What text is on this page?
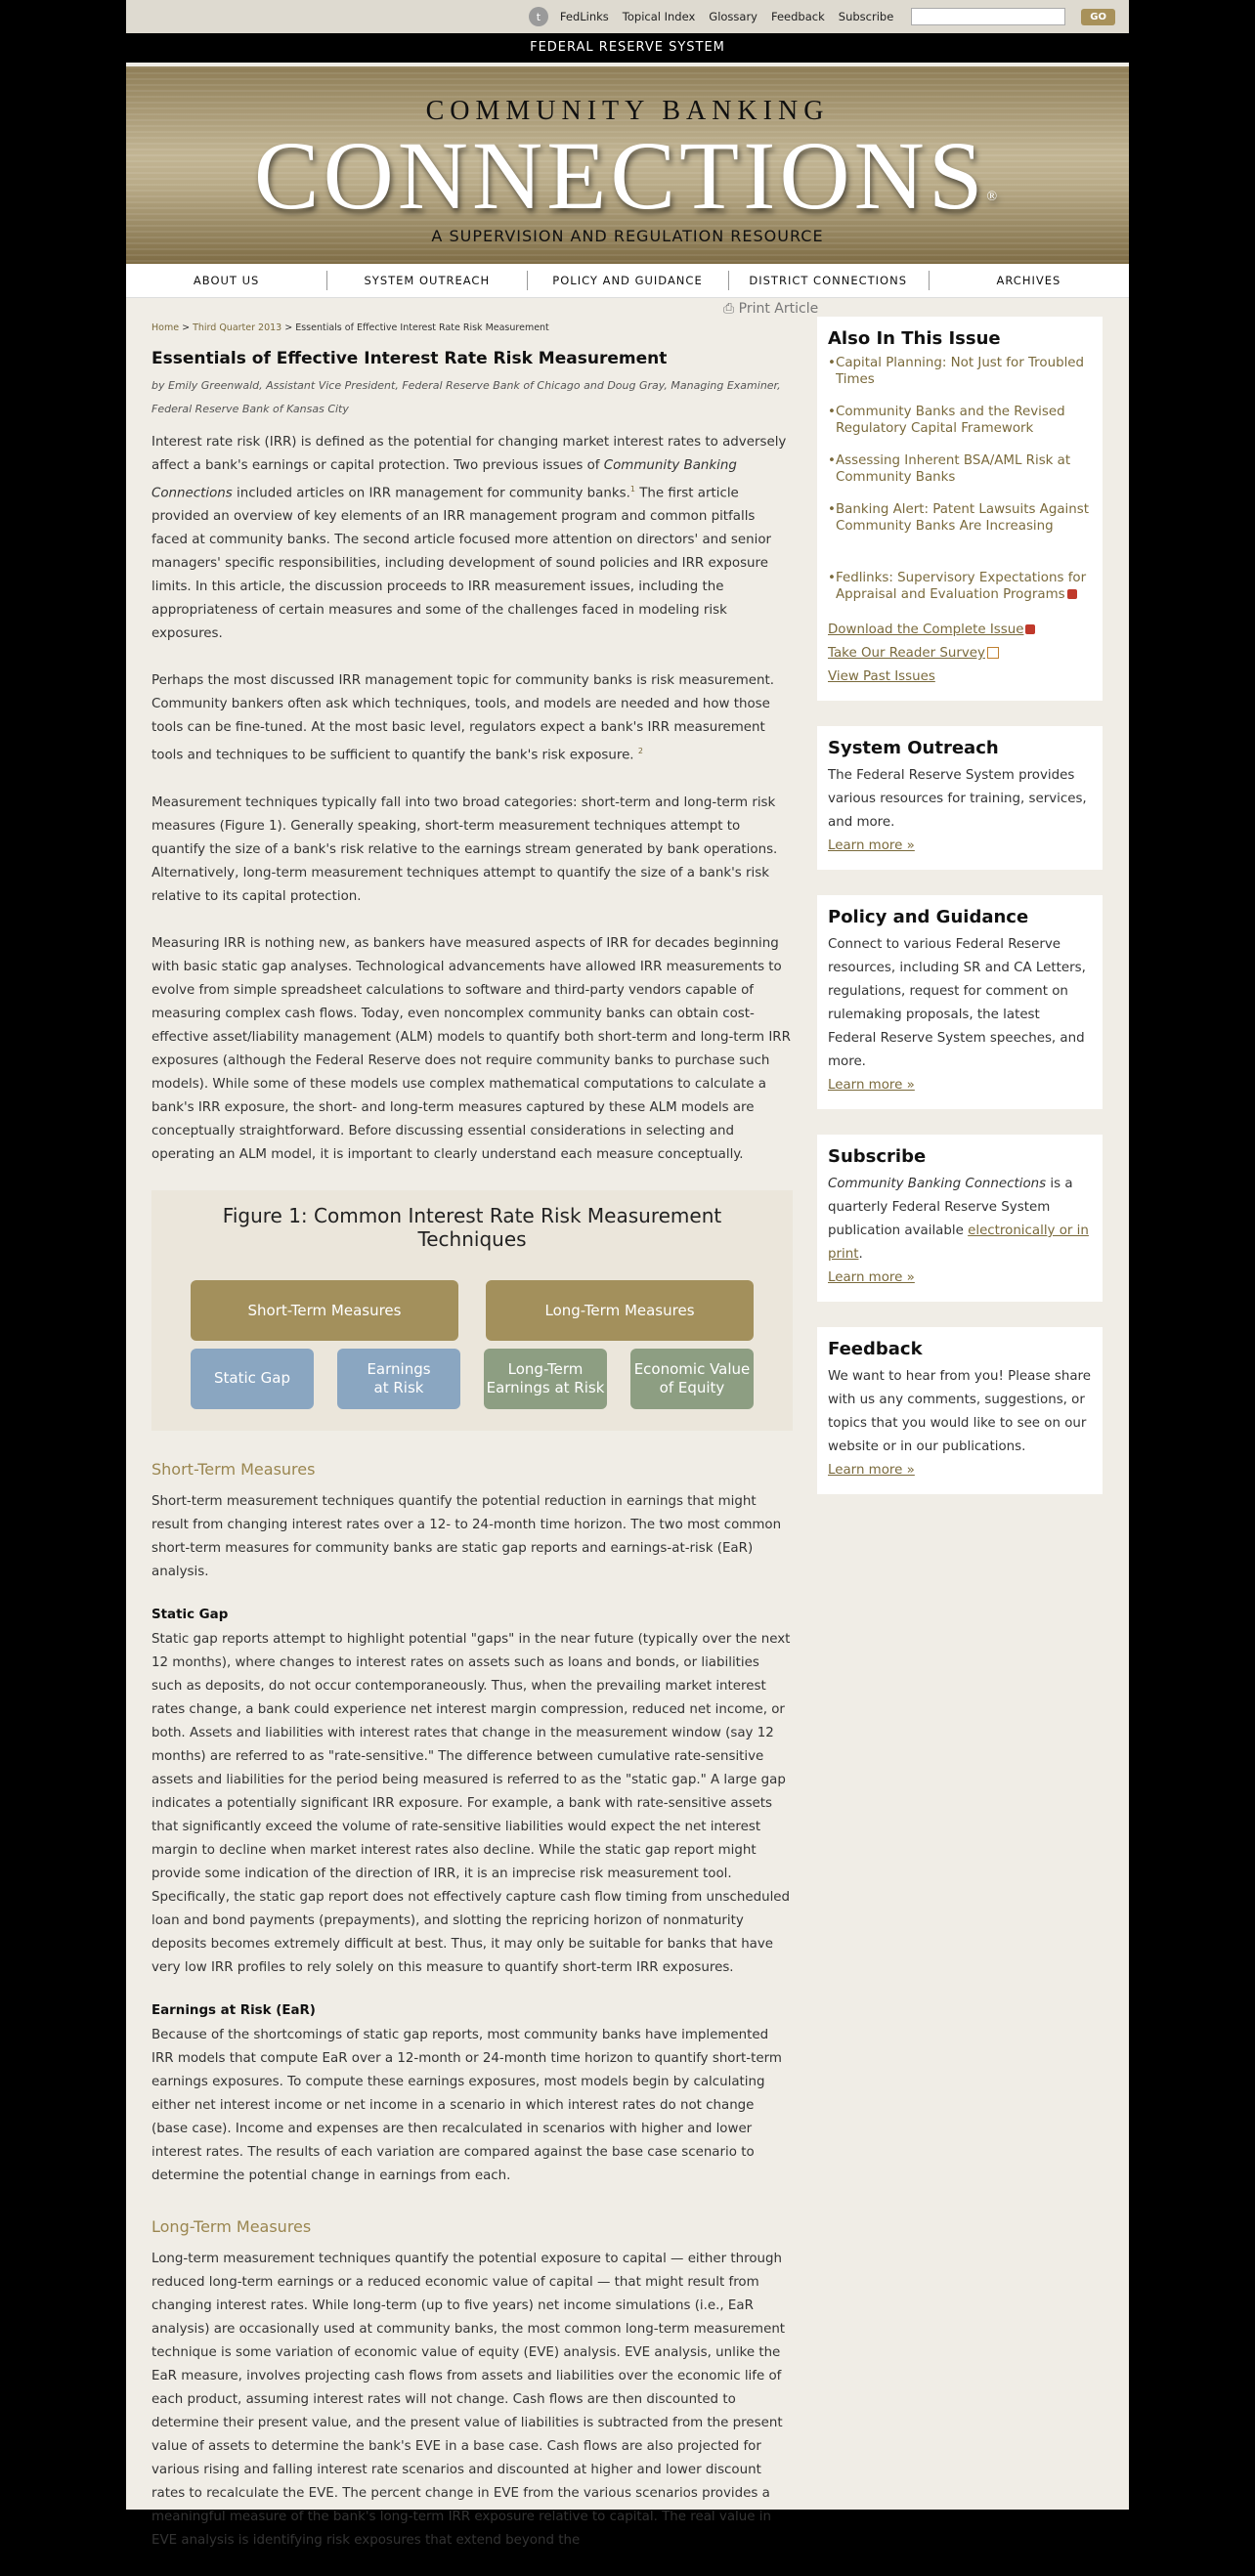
t	FedLinks Topical Index Glossary Feedback Subscribe	GO
FEDERAL RESERVE SYSTEM
COMMUNITY BANKING
CONNECTIONS®
A SUPERVISION AND REGULATION RESOURCE
ABOUT US	SYSTEM OUTREACH	POLICY AND GUIDANCE	DISTRICT CONNECTIONS	ARCHIVES
⎙ Print Article
Home > Third Quarter 2013 > Essentials of Effective Interest Rate Risk Measurement
Essentials of Effective Interest Rate Risk Measurement
by Emily Greenwald, Assistant Vice President, Federal Reserve Bank of Chicago and Doug Gray, Managing Examiner, Federal Reserve Bank of Kansas City

Interest rate risk (IRR) is defined as the potential for changing market interest rates to adversely affect a bank's earnings or capital protection. Two previous issues of Community Banking Connections included articles on IRR management for community banks.$^1$ The first article provided an overview of key elements of an IRR management program and common pitfalls faced at community banks. The second article focused more attention on directors' and senior managers' specific responsibilities, including development of sound policies and IRR exposure limits. In this article, the discussion proceeds to IRR measurement issues, including the appropriateness of certain measures and some of the challenges faced in modeling risk exposures.

Perhaps the most discussed IRR management topic for community banks is risk measurement. Community bankers often ask which techniques, tools, and models are needed and how those tools can be fine-tuned. At the most basic level, regulators expect a bank's IRR measurement tools and techniques to be sufficient to quantify the bank's risk exposure. $^2$

Measurement techniques typically fall into two broad categories: short-term and long-term risk measures (Figure 1). Generally speaking, short-term measurement techniques attempt to quantify the size of a bank's risk relative to the earnings stream generated by bank operations. Alternatively, long-term measurement techniques attempt to quantify the size of a bank's risk relative to its capital protection.

Measuring IRR is nothing new, as bankers have measured aspects of IRR for decades beginning with basic static gap analyses. Technological advancements have allowed IRR measurements to evolve from simple spreadsheet calculations to software and third-party vendors capable of measuring complex cash flows. Today, even noncomplex community banks can obtain cost-effective asset/liability management (ALM) models to quantify both short-term and long-term IRR exposures (although the Federal Reserve does not require community banks to purchase such models). While some of these models use complex mathematical computations to calculate a bank's IRR exposure, the short- and long-term measures captured by these ALM models are conceptually straightforward. Before discussing essential considerations in selecting and operating an ALM model, it is important to clearly understand each measure conceptually.

Figure 1: Common Interest Rate Risk Measurement Techniques
Short-Term Measures	Long-Term Measures
Static Gap
Earnings
at Risk
Long-Term
Earnings at Risk
Economic Value
of Equity
Short-Term Measures

Short-term measurement techniques quantify the potential reduction in earnings that might result from changing interest rates over a 12- to 24-month time horizon. The two most common short-term measures for community banks are static gap reports and earnings-at-risk (EaR) analysis.

Static Gap

Static gap reports attempt to highlight potential "gaps" in the near future (typically over the next 12 months), where changes to interest rates on assets such as loans and bonds, or liabilities such as deposits, do not occur contemporaneously. Thus, when the prevailing market interest rates change, a bank could experience net interest margin compression, reduced net income, or both. Assets and liabilities with interest rates that change in the measurement window (say 12 months) are referred to as "rate-sensitive." The difference between cumulative rate-sensitive assets and liabilities for the period being measured is referred to as the "static gap." A large gap indicates a potentially significant IRR exposure. For example, a bank with rate-sensitive assets that significantly exceed the volume of rate-sensitive liabilities would expect the net interest margin to decline when market interest rates also decline. While the static gap report might provide some indication of the direction of IRR, it is an imprecise risk measurement tool. Specifically, the static gap report does not effectively capture cash flow timing from unscheduled loan and bond payments (prepayments), and slotting the repricing horizon of nonmaturity deposits becomes extremely difficult at best. Thus, it may only be suitable for banks that have very low IRR profiles to rely solely on this measure to quantify short-term IRR exposures.

Earnings at Risk (EaR)

Because of the shortcomings of static gap reports, most community banks have implemented IRR models that compute EaR over a 12-month or 24-month time horizon to quantify short-term earnings exposures. To compute these earnings exposures, most models begin by calculating either net interest income or net income in a scenario in which interest rates do not change (base case). Income and expenses are then recalculated in scenarios with higher and lower interest rates. The results of each variation are compared against the base case scenario to determine the potential change in earnings from each.

Long-Term Measures

Long-term measurement techniques quantify the potential exposure to capital — either through reduced long-term earnings or a reduced economic value of capital — that might result from changing interest rates. While long-term (up to five years) net income simulations (i.e., EaR analysis) are occasionally used at community banks, the most common long-term measurement technique is some variation of economic value of equity (EVE) analysis. EVE analysis, unlike the EaR measure, involves projecting cash flows from assets and liabilities over the economic life of each product, assuming interest rates will not change. Cash flows are then discounted to determine their present value, and the present value of liabilities is subtracted from the present value of assets to determine the bank's EVE in a base case. Cash flows are also projected for various rising and falling interest rate scenarios and discounted at higher and lower discount rates to recalculate the EVE. The percent change in EVE from the various scenarios provides a meaningful measure of the bank's long-term IRR exposure relative to capital. The real value in EVE analysis is identifying risk exposures that extend beyond the

Also In This Issue
• Capital Planning: Not Just for Troubled Times
• Community Banks and the Revised Regulatory Capital Framework
• Assessing Inherent BSA/AML Risk at Community Banks
• Banking Alert: Patent Lawsuits Against Community Banks Are Increasing
• Fedlinks: Supervisory Expectations for Appraisal and Evaluation Programs
Download the Complete Issue
Take Our Reader Survey
View Past Issues
System Outreach
The Federal Reserve System provides various resources for training, services, and more.
Learn more »
Policy and Guidance
Connect to various Federal Reserve resources, including SR and CA Letters, regulations, request for comment on rulemaking proposals, the latest Federal Reserve System speeches, and more.
Learn more »
Subscribe
Community Banking Connections is a quarterly Federal Reserve System publication available electronically or in print.
Learn more »
Feedback
We want to hear from you! Please share with us any comments, suggestions, or topics that you would like to see on our website or in our publications.
Learn more »
